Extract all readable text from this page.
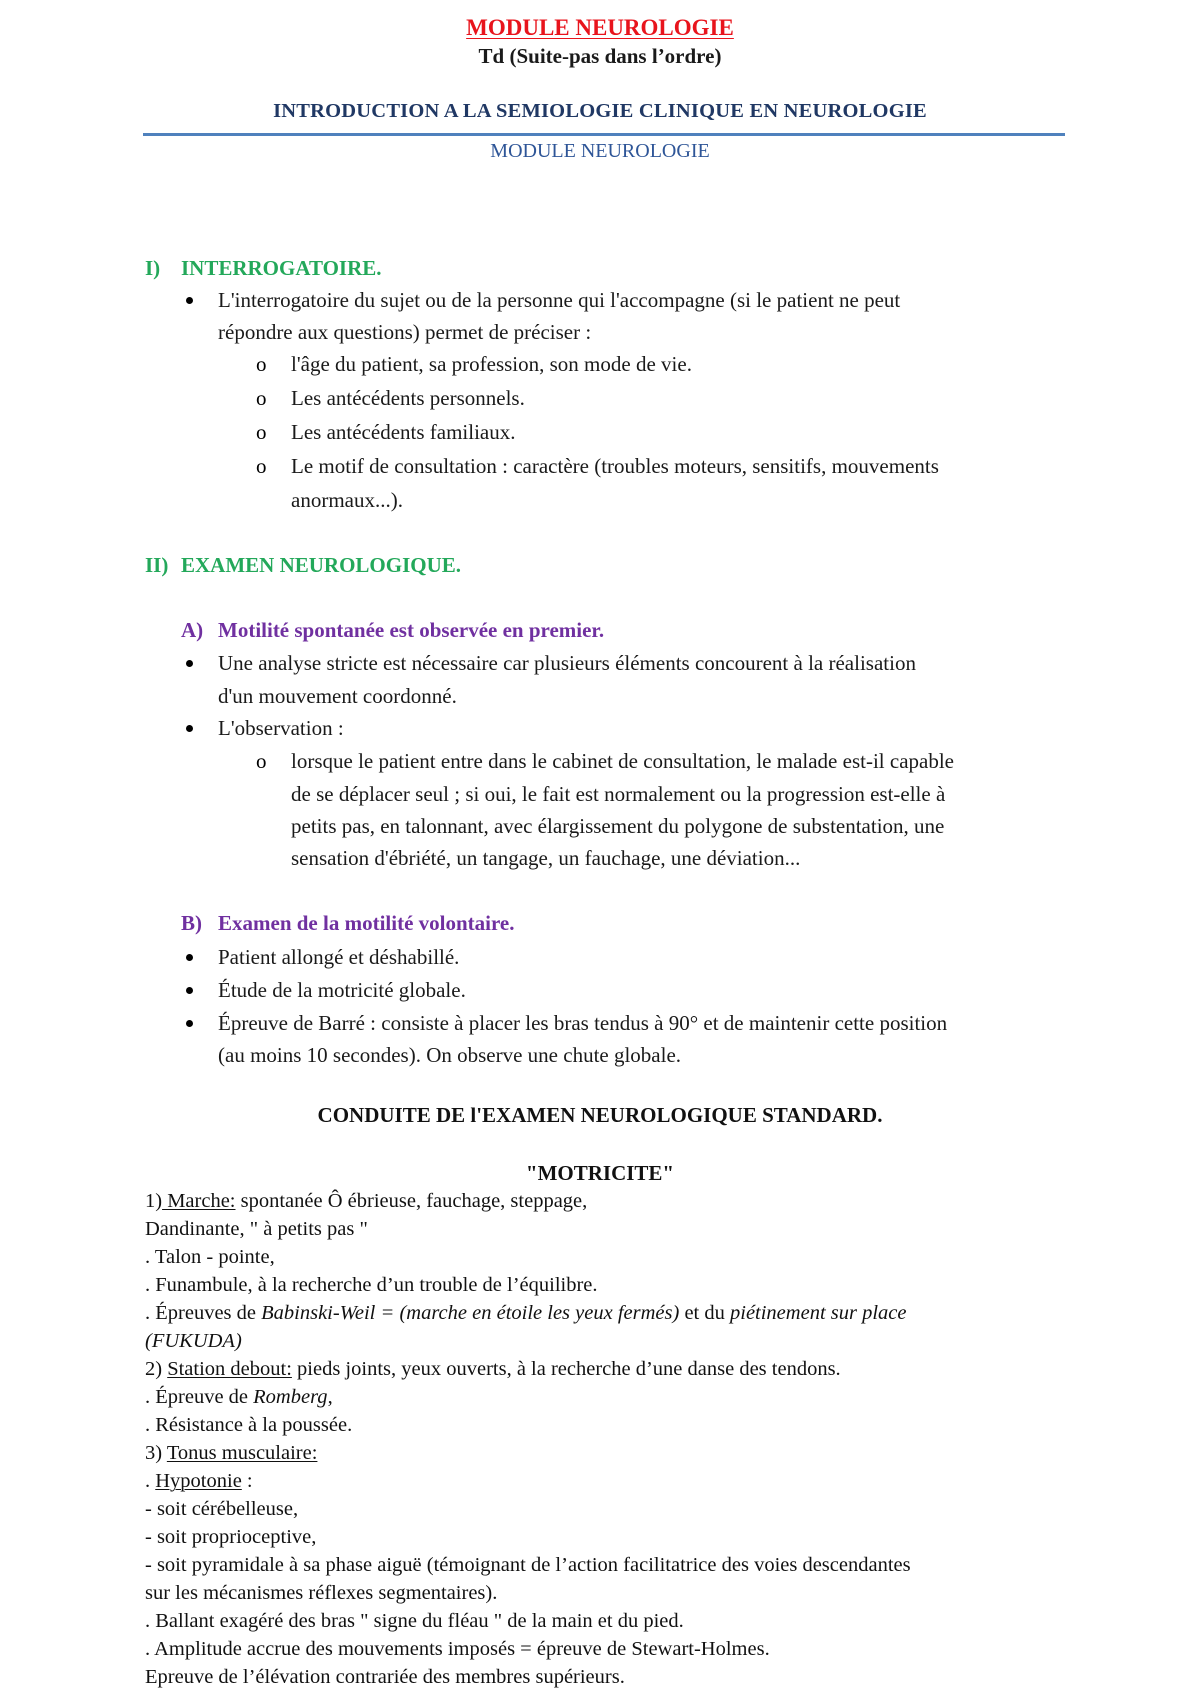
MODULE NEUROLOGIE
Td (Suite-pas dans l’ordre)
INTRODUCTION A LA SEMIOLOGIE CLINIQUE EN NEUROLOGIE
MODULE NEUROLOGIE
I) INTERROGATOIRE.
L'interrogatoire du sujet ou de la personne qui l'accompagne (si le patient ne peut
répondre aux questions) permet de préciser :
o l'âge du patient, sa profession, son mode de vie.
o Les antécédents personnels.
o Les antécédents familiaux.
o Le motif de consultation : caractère (troubles moteurs, sensitifs, mouvements
anormaux...).
II) EXAMEN NEUROLOGIQUE.
A) Motilité spontanée est observée en premier.
Une analyse stricte est nécessaire car plusieurs éléments concourent à la réalisation
d'un mouvement coordonné.
L'observation :
o lorsque le patient entre dans le cabinet de consultation, le malade est-il capable
de se déplacer seul ; si oui, le fait est normalement ou la progression est-elle à
petits pas, en talonnant, avec élargissement du polygone de substentation, une
sensation d'ébriété, un tangage, un fauchage, une déviation...
B) Examen de la motilité volontaire.
Patient allongé et déshabillé.
Étude de la motricité globale.
Épreuve de Barré : consiste à placer les bras tendus à 90° et de maintenir cette position
(au moins 10 secondes). On observe une chute globale.
CONDUITE DE l'EXAMEN NEUROLOGIQUE STANDARD.
"MOTRICITE"
1) Marche: spontanée Ô ébrieuse, fauchage, steppage,
Dandinante, " à petits pas "
. Talon - pointe,
. Funambule, à la recherche d’un trouble de l’équilibre.
. Épreuves de Babinski-Weil = (marche en étoile les yeux fermés) et du piétinement sur place
(FUKUDA)
2) Station debout: pieds joints, yeux ouverts, à la recherche d’une danse des tendons.
. Épreuve de Romberg,
. Résistance à la poussée.
3) Tonus musculaire:
. Hypotonie :
- soit cérébelleuse,
- soit proprioceptive,
- soit pyramidale à sa phase aiguë (témoignant de l’action facilitatrice des voies descendantes
sur les mécanismes réflexes segmentaires).
. Ballant exagéré des bras " signe du fléau " de la main et du pied.
. Amplitude accrue des mouvements imposés = épreuve de Stewart-Holmes.
Epreuve de l’élévation contrariée des membres supérieurs.
